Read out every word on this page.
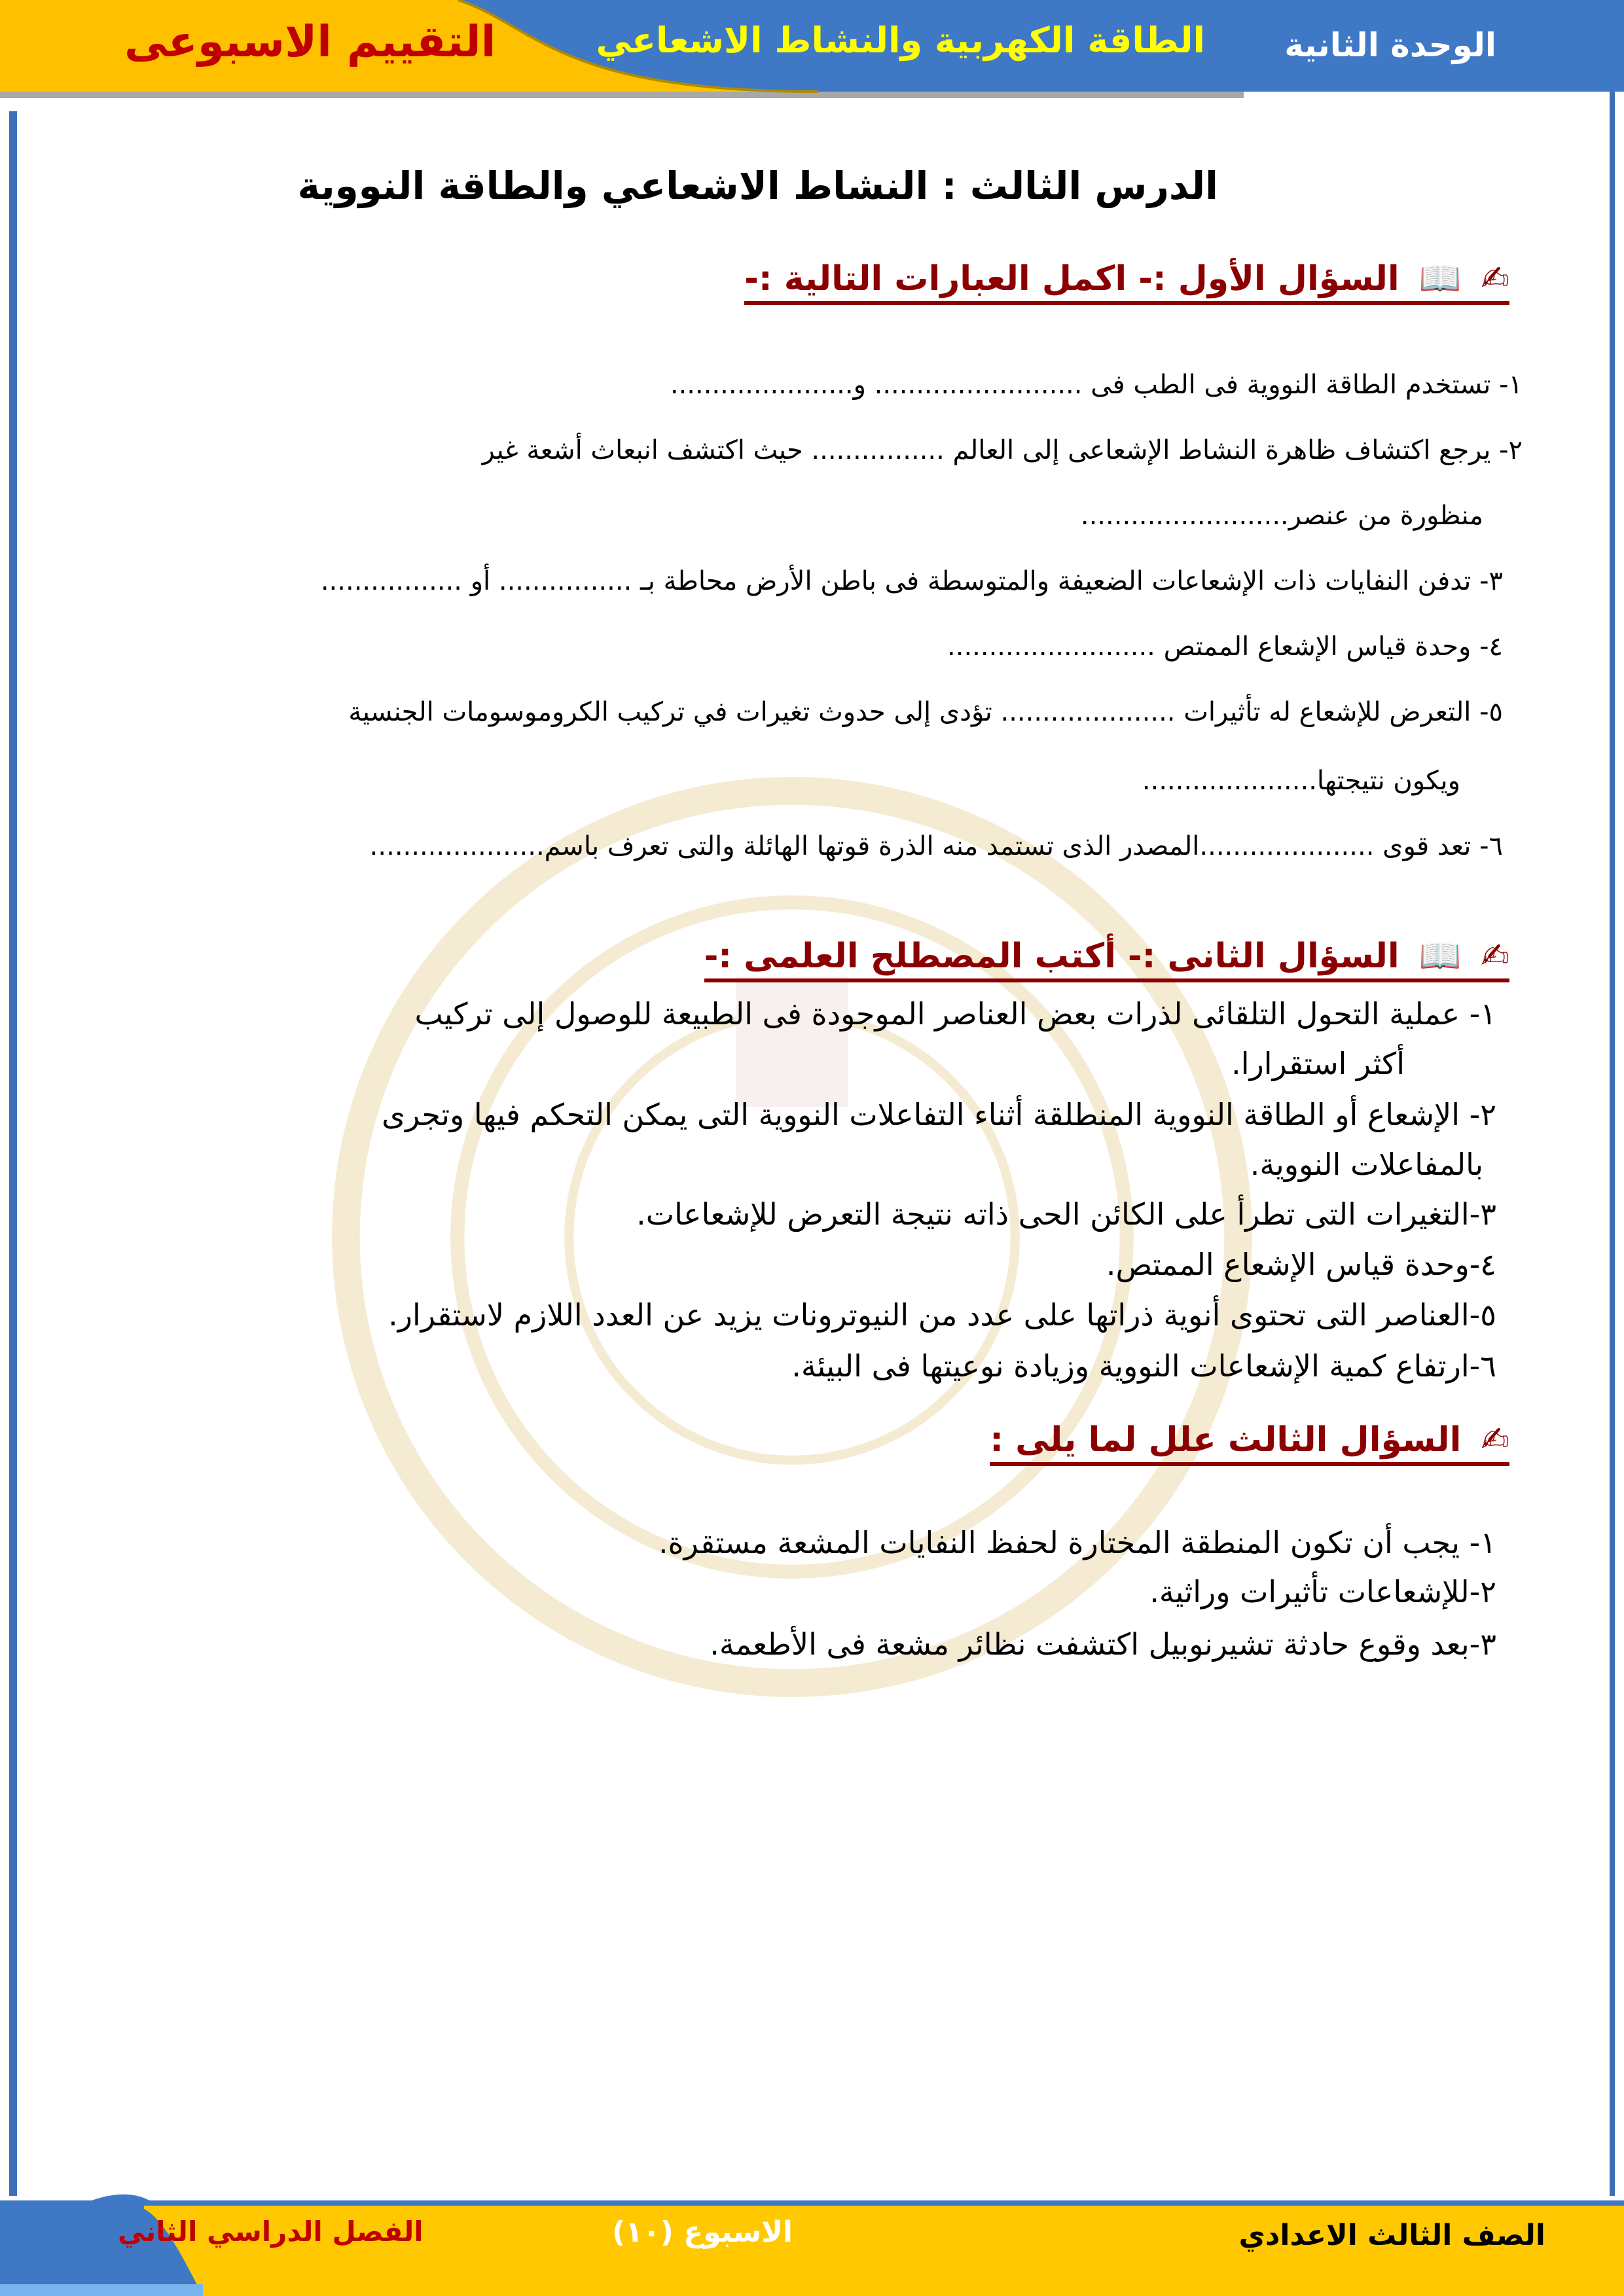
الوحدة الثانية
الطاقة الكهربية والنشاط الاشعاعي
التقييم الاسبوعى
الدرس الثالث : النشاط الاشعاعي والطاقة النووية
✍
📖
السؤال الأول :- اكمل العبارات التالية :-
١- تستخدم الطاقة النووية فى الطب فى ......................... و......................
٢- يرجع اكتشاف ظاهرة النشاط الإشعاعى إلى العالم ................ حيث اكتشف انبعاث أشعة غير
منظورة من عنصر.........................
٣- تدفن النفايات ذات الإشعاعات الضعيفة والمتوسطة فى باطن الأرض محاطة بـ ................ أو .................
٤- وحدة قياس الإشعاع الممتص .........................
٥- التعرض للإشعاع له تأثيرات ..................... تؤدى إلى حدوث تغيرات في تركيب الكروموسومات الجنسية
ويكون نتيجتها.....................
٦- تعد قوى .....................المصدر الذى تستمد منه الذرة قوتها الهائلة والتى تعرف باسم.....................
✍
📖
السؤال الثانى :- أكتب المصطلح العلمى :-
١- عملية التحول التلقائى لذرات بعض العناصر الموجودة فى الطبيعة للوصول إلى تركيب
أكثر استقرارا.
٢- الإشعاع أو الطاقة النووية المنطلقة أثناء التفاعلات النووية التى يمكن التحكم فيها وتجرى
بالمفاعلات النووية.
٣-التغيرات التى تطرأ على الكائن الحى ذاته نتيجة التعرض للإشعاعات.
٤-وحدة قياس الإشعاع الممتص.
٥-العناصر التى تحتوى أنوية ذراتها على عدد من النيوترونات يزيد عن العدد اللازم لاستقرار.
٦-ارتفاع كمية الإشعاعات النووية وزيادة نوعيتها فى البيئة.
✍
السؤال الثالث علل لما يلى :
١- يجب أن تكون المنطقة المختارة لحفظ النفايات المشعة مستقرة.
٢-للإشعاعات تأثيرات وراثية.
٣-بعد وقوع حادثة تشيرنوبيل اكتشفت نظائر مشعة فى الأطعمة.
الصف الثالث الاعدادي
الاسبوع (١٠)
الفصل الدراسي الثاني
